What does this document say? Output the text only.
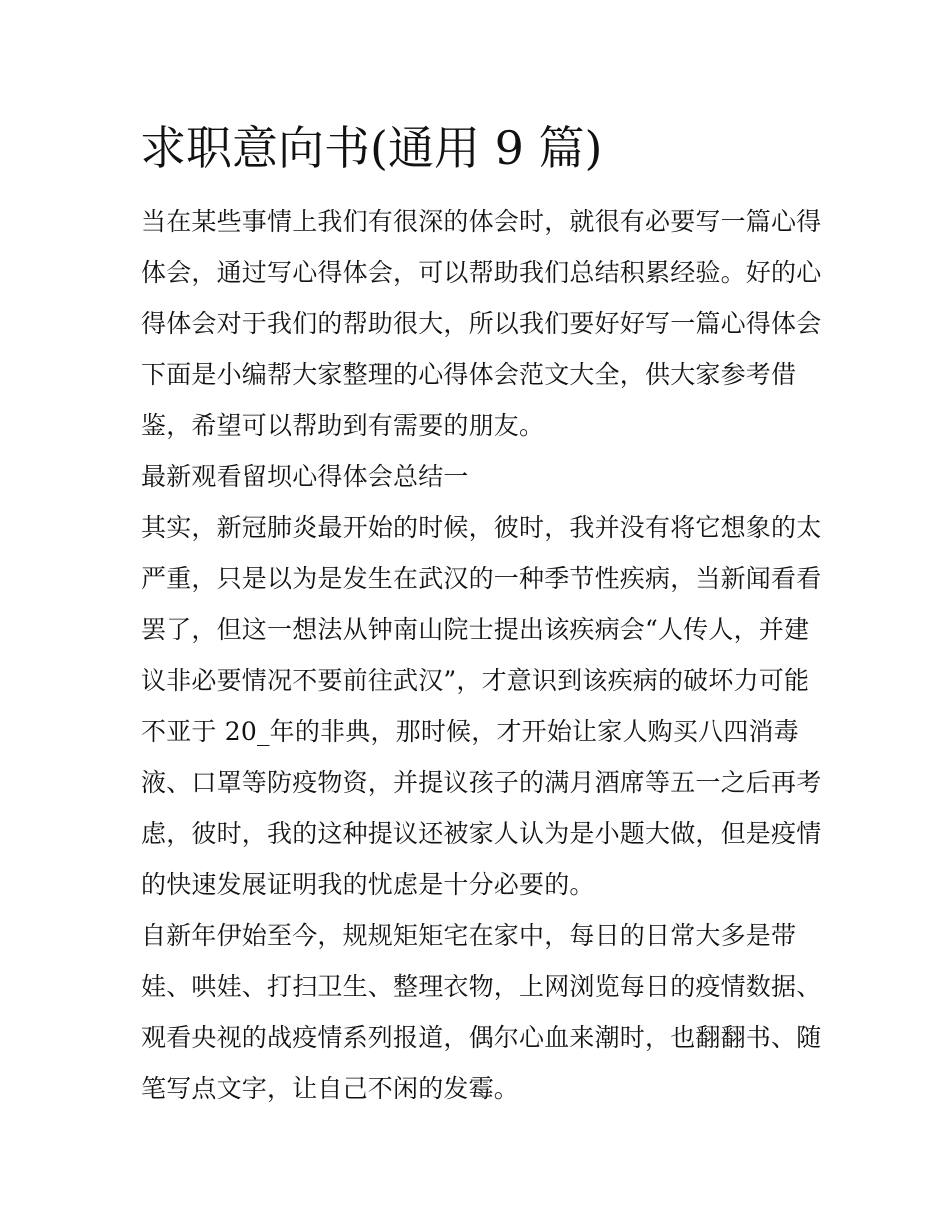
求职意向书(通用 9 篇)
当在某些事情上我们有很深的体会时，就很有必要写一篇心得
体会，通过写心得体会，可以帮助我们总结积累经验。好的心
得体会对于我们的帮助很大，所以我们要好好写一篇心得体会
下面是小编帮大家整理的心得体会范文大全，供大家参考借
鉴，希望可以帮助到有需要的朋友。
最新观看留坝心得体会总结一
其实，新冠肺炎最开始的时候，彼时，我并没有将它想象的太
严重，只是以为是发生在武汉的一种季节性疾病，当新闻看看
罢了，但这一想法从钟南山院士提出该疾病会“人传人，并建
议非必要情况不要前往武汉”，才意识到该疾病的破坏力可能
不亚于 20_年的非典，那时候，才开始让家人购买八四消毒
液、口罩等防疫物资，并提议孩子的满月酒席等五一之后再考
虑，彼时，我的这种提议还被家人认为是小题大做，但是疫情
的快速发展证明我的忧虑是十分必要的。
自新年伊始至今，规规矩矩宅在家中，每日的日常大多是带
娃、哄娃、打扫卫生、整理衣物，上网浏览每日的疫情数据、
观看央视的战疫情系列报道，偶尔心血来潮时，也翻翻书、随
笔写点文字，让自己不闲的发霉。
